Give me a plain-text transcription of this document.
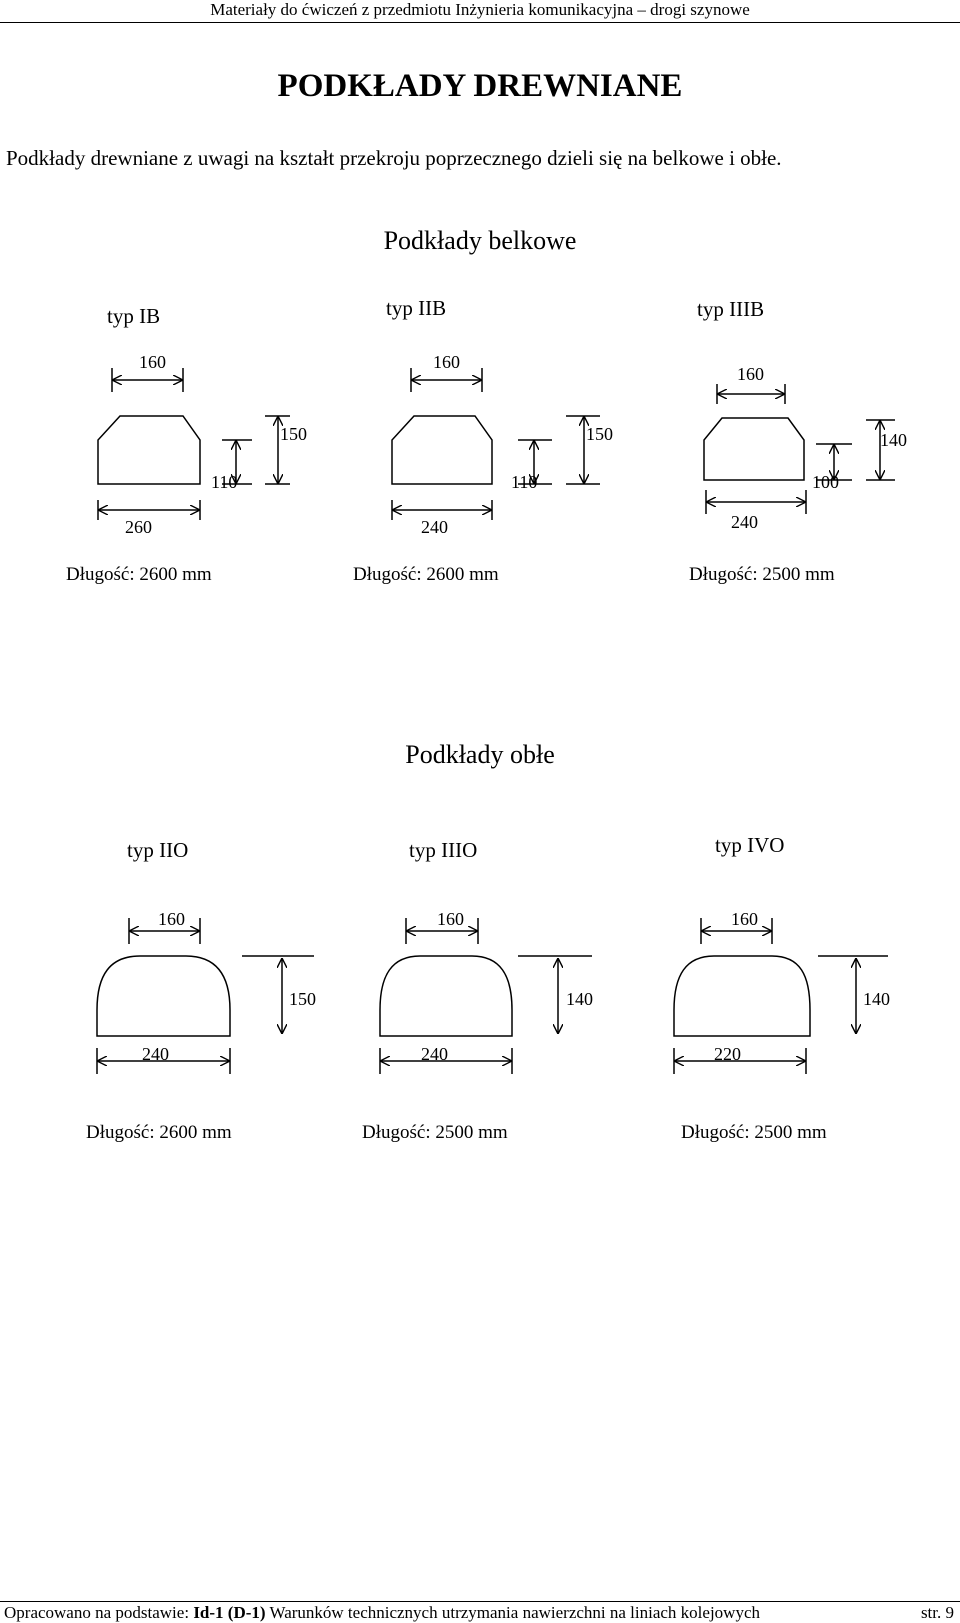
Materiały do ćwiczeń z przedmiotu Inżynieria komunikacyjna – drogi szynowe
PODKŁADY DREWNIANE

Podkłady drewniane z uwagi na kształt przekroju poprzecznego dzieli się na belkowe i obłe.

Podkłady belkowe
typ IB	typ IIB	typ IIIB
160	160
160
150	150	140
110	110	100
260	240	240
Długość: 2600 mm	Długość: 2600 mm	Długość: 2500 mm
Podkłady obłe
typ IIO	typ IIIO	typ IVO
160	160	160
150	140	140
240	240	220
Długość: 2600 mm	Długość: 2500 mm	Długość: 2500 mm
Opracowano na podstawie: Id-1 (D-1) Warunków technicznych utrzymania nawierzchni na liniach kolejowych	str. 9
